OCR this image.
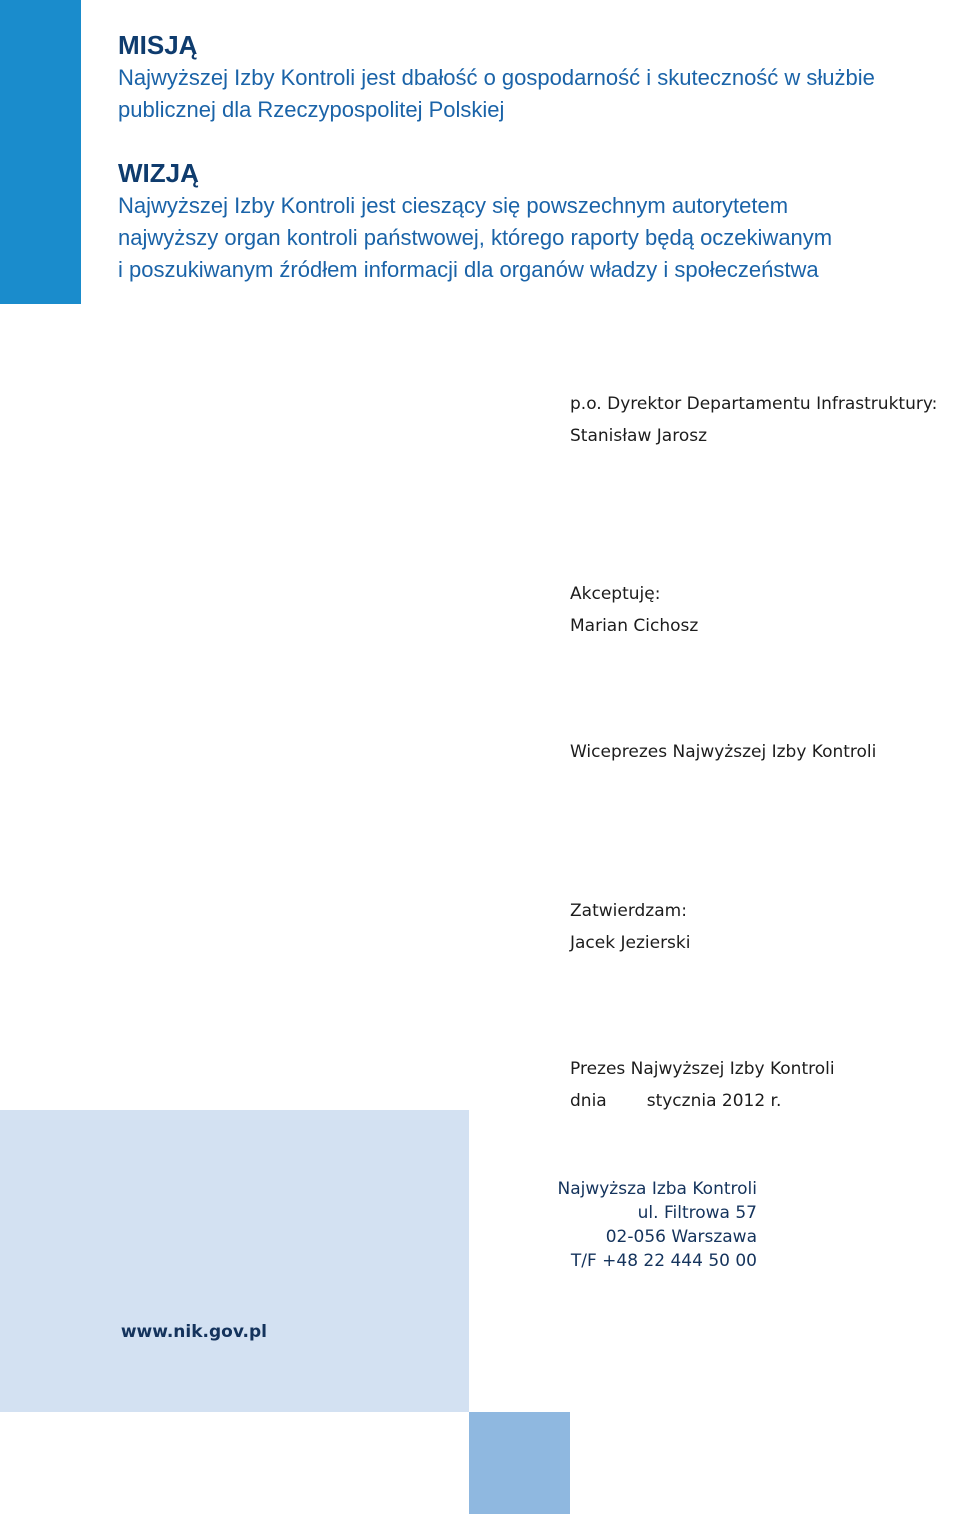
MISJĄ

Najwyższej Izby Kontroli jest dbałość o gospodarność i skuteczność w służbie

publicznej dla Rzeczypospolitej Polskiej

WIZJĄ

Najwyższej Izby Kontroli jest cieszący się powszechnym autorytetem

najwyższy organ kontroli państwowej, którego raporty będą oczekiwanym

i poszukiwanym źródłem informacji dla organów władzy i społeczeństwa

p.o. Dyrektor Departamentu Infrastruktury:
Stanisław Jarosz
Akceptuję:
Marian Cichosz
Wiceprezes Najwyższej Izby Kontroli
Zatwierdzam:
Jacek Jezierski
Prezes Najwyższej Izby Kontroli
dnia stycznia 2012 r.
Najwyższa Izba Kontroli
ul. Filtrowa 57
02-056 Warszawa
T/F +48 22 444 50 00
www.nik.gov.pl
